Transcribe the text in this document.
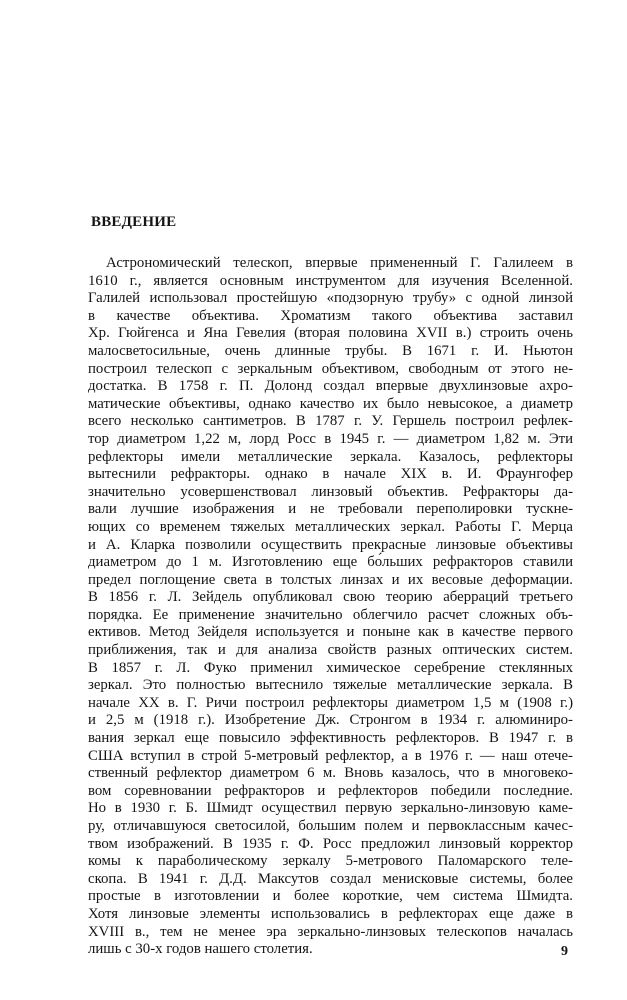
ВВЕДЕНИЕ
Астрономический телескоп, впервые примененный Г. Галилеем в
1610 г., является основным инструментом для изучения Вселенной.
Галилей использовал простейшую «подзорную трубу» с одной линзой
в качестве объектива. Хроматизм такого объектива заставил
Хр. Гюйгенса и Яна Гевелия (вторая половина XVII в.) строить очень
малосветосильные, очень длинные трубы. В 1671 г. И. Ньютон
построил телескоп с зеркальным объективом, свободным от этого не-
достатка. В 1758 г. П. Долонд создал впервые двухлинзовые ахро-
матические объективы, однако качество их было невысокое, а диаметр
всего несколько сантиметров. В 1787 г. У. Гершель построил рефлек-
тор диаметром 1,22 м, лорд Росс в 1945 г. — диаметром 1,82 м. Эти
рефлекторы имели металлические зеркала. Казалось, рефлекторы
вытеснили рефракторы. однако в начале XIX в. И. Фраунгофер
значительно усовершенствовал линзовый объектив. Рефракторы да-
вали лучшие изображения и не требовали переполировки тускне-
ющих со временем тяжелых металлических зеркал. Работы Г. Мерца
и А. Кларка позволили осуществить прекрасные линзовые объективы
диаметром до 1 м. Изготовлению еще бо́льших рефракторов ставили
предел поглощение света в толстых линзах и их весовые деформации.
В 1856 г. Л. Зейдель опубликовал свою теорию аберраций третьего
порядка. Ее применение значительно облегчило расчет сложных объ-
ективов. Метод Зейделя используется и поныне как в качестве первого
приближения, так и для анализа свойств разных оптических систем.
В 1857 г. Л. Фуко применил химическое серебрение стеклянных
зеркал. Это полностью вытеснило тяжелые металлические зеркала. В
начале XX в. Г. Ричи построил рефлекторы диаметром 1,5 м (1908 г.)
и 2,5 м (1918 г.). Изобретение Дж. Стронгом в 1934 г. алюминиро-
вания зеркал еще повысило эффективность рефлекторов. В 1947 г. в
США вступил в строй 5-метровый рефлектор, а в 1976 г. — наш отече-
ственный рефлектор диаметром 6 м. Вновь казалось, что в многовеко-
вом соревновании рефракторов и рефлекторов победили последние.
Но в 1930 г. Б. Шмидт осуществил первую зеркально-линзовую каме-
ру, отличавшуюся светосилой, большим полем и первоклассным качес-
твом изображений. В 1935 г. Ф. Росс предложил линзовый корректор
комы к параболическому зеркалу 5-метрового Паломарского теле-
скопа. В 1941 г. Д.Д. Максутов создал менисковые системы, более
простые в изготовлении и более короткие, чем система Шмидта.
Хотя линзовые элементы использовались в рефлекторах еще даже в
XVIII в., тем не менее эра зеркально-линзовых телескопов началась
лишь с 30-х годов нашего столетия.	9
